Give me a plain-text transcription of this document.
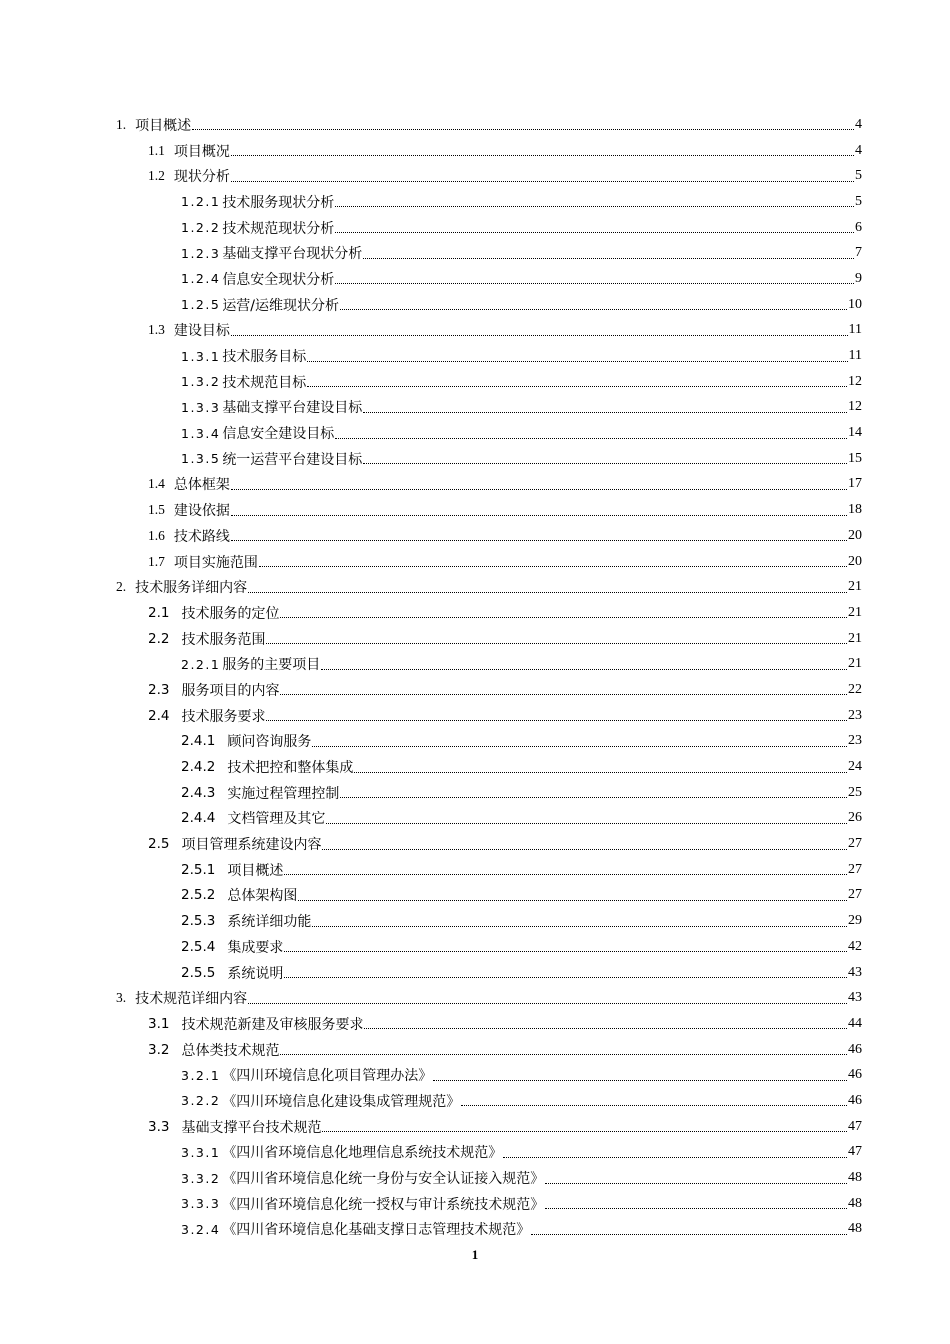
1. 项目概述	4
1.1 项目概况	4
1.2 现状分析	5
1.2.1 技术服务现状分析	5
1.2.2 技术规范现状分析	6
1.2.3 基础支撑平台现状分析	7
1.2.4 信息安全现状分析	9
1.2.5 运营/运维现状分析	10
1.3 建设目标	11
1.3.1 技术服务目标	11
1.3.2 技术规范目标	12
1.3.3 基础支撑平台建设目标	12
1.3.4 信息安全建设目标	14
1.3.5 统一运营平台建设目标	15
1.4 总体框架	17
1.5 建设依据	18
1.6 技术路线	20
1.7 项目实施范围	20
2. 技术服务详细内容	21
2.1 技术服务的定位	21
2.2 技术服务范围	21
2.2.1 服务的主要项目	21
2.3 服务项目的内容	22
2.4 技术服务要求	23
2.4.1 顾问咨询服务	23
2.4.2 技术把控和整体集成	24
2.4.3 实施过程管理控制	25
2.4.4 文档管理及其它	26
2.5 项目管理系统建设内容	27
2.5.1 项目概述	27
2.5.2 总体架构图	27
2.5.3 系统详细功能	29
2.5.4 集成要求	42
2.5.5 系统说明	43
3. 技术规范详细内容	43
3.1 技术规范新建及审核服务要求	44
3.2 总体类技术规范	46
3.2.1 《四川环境信息化项目管理办法》	46
3.2.2 《四川环境信息化建设集成管理规范》	46
3.3 基础支撑平台技术规范	47
3.3.1 《四川省环境信息化地理信息系统技术规范》	47
3.3.2 《四川省环境信息化统一身份与安全认证接入规范》	48
3.3.3 《四川省环境信息化统一授权与审计系统技术规范》	48
3.2.4 《四川省环境信息化基础支撑日志管理技术规范》	48
1
